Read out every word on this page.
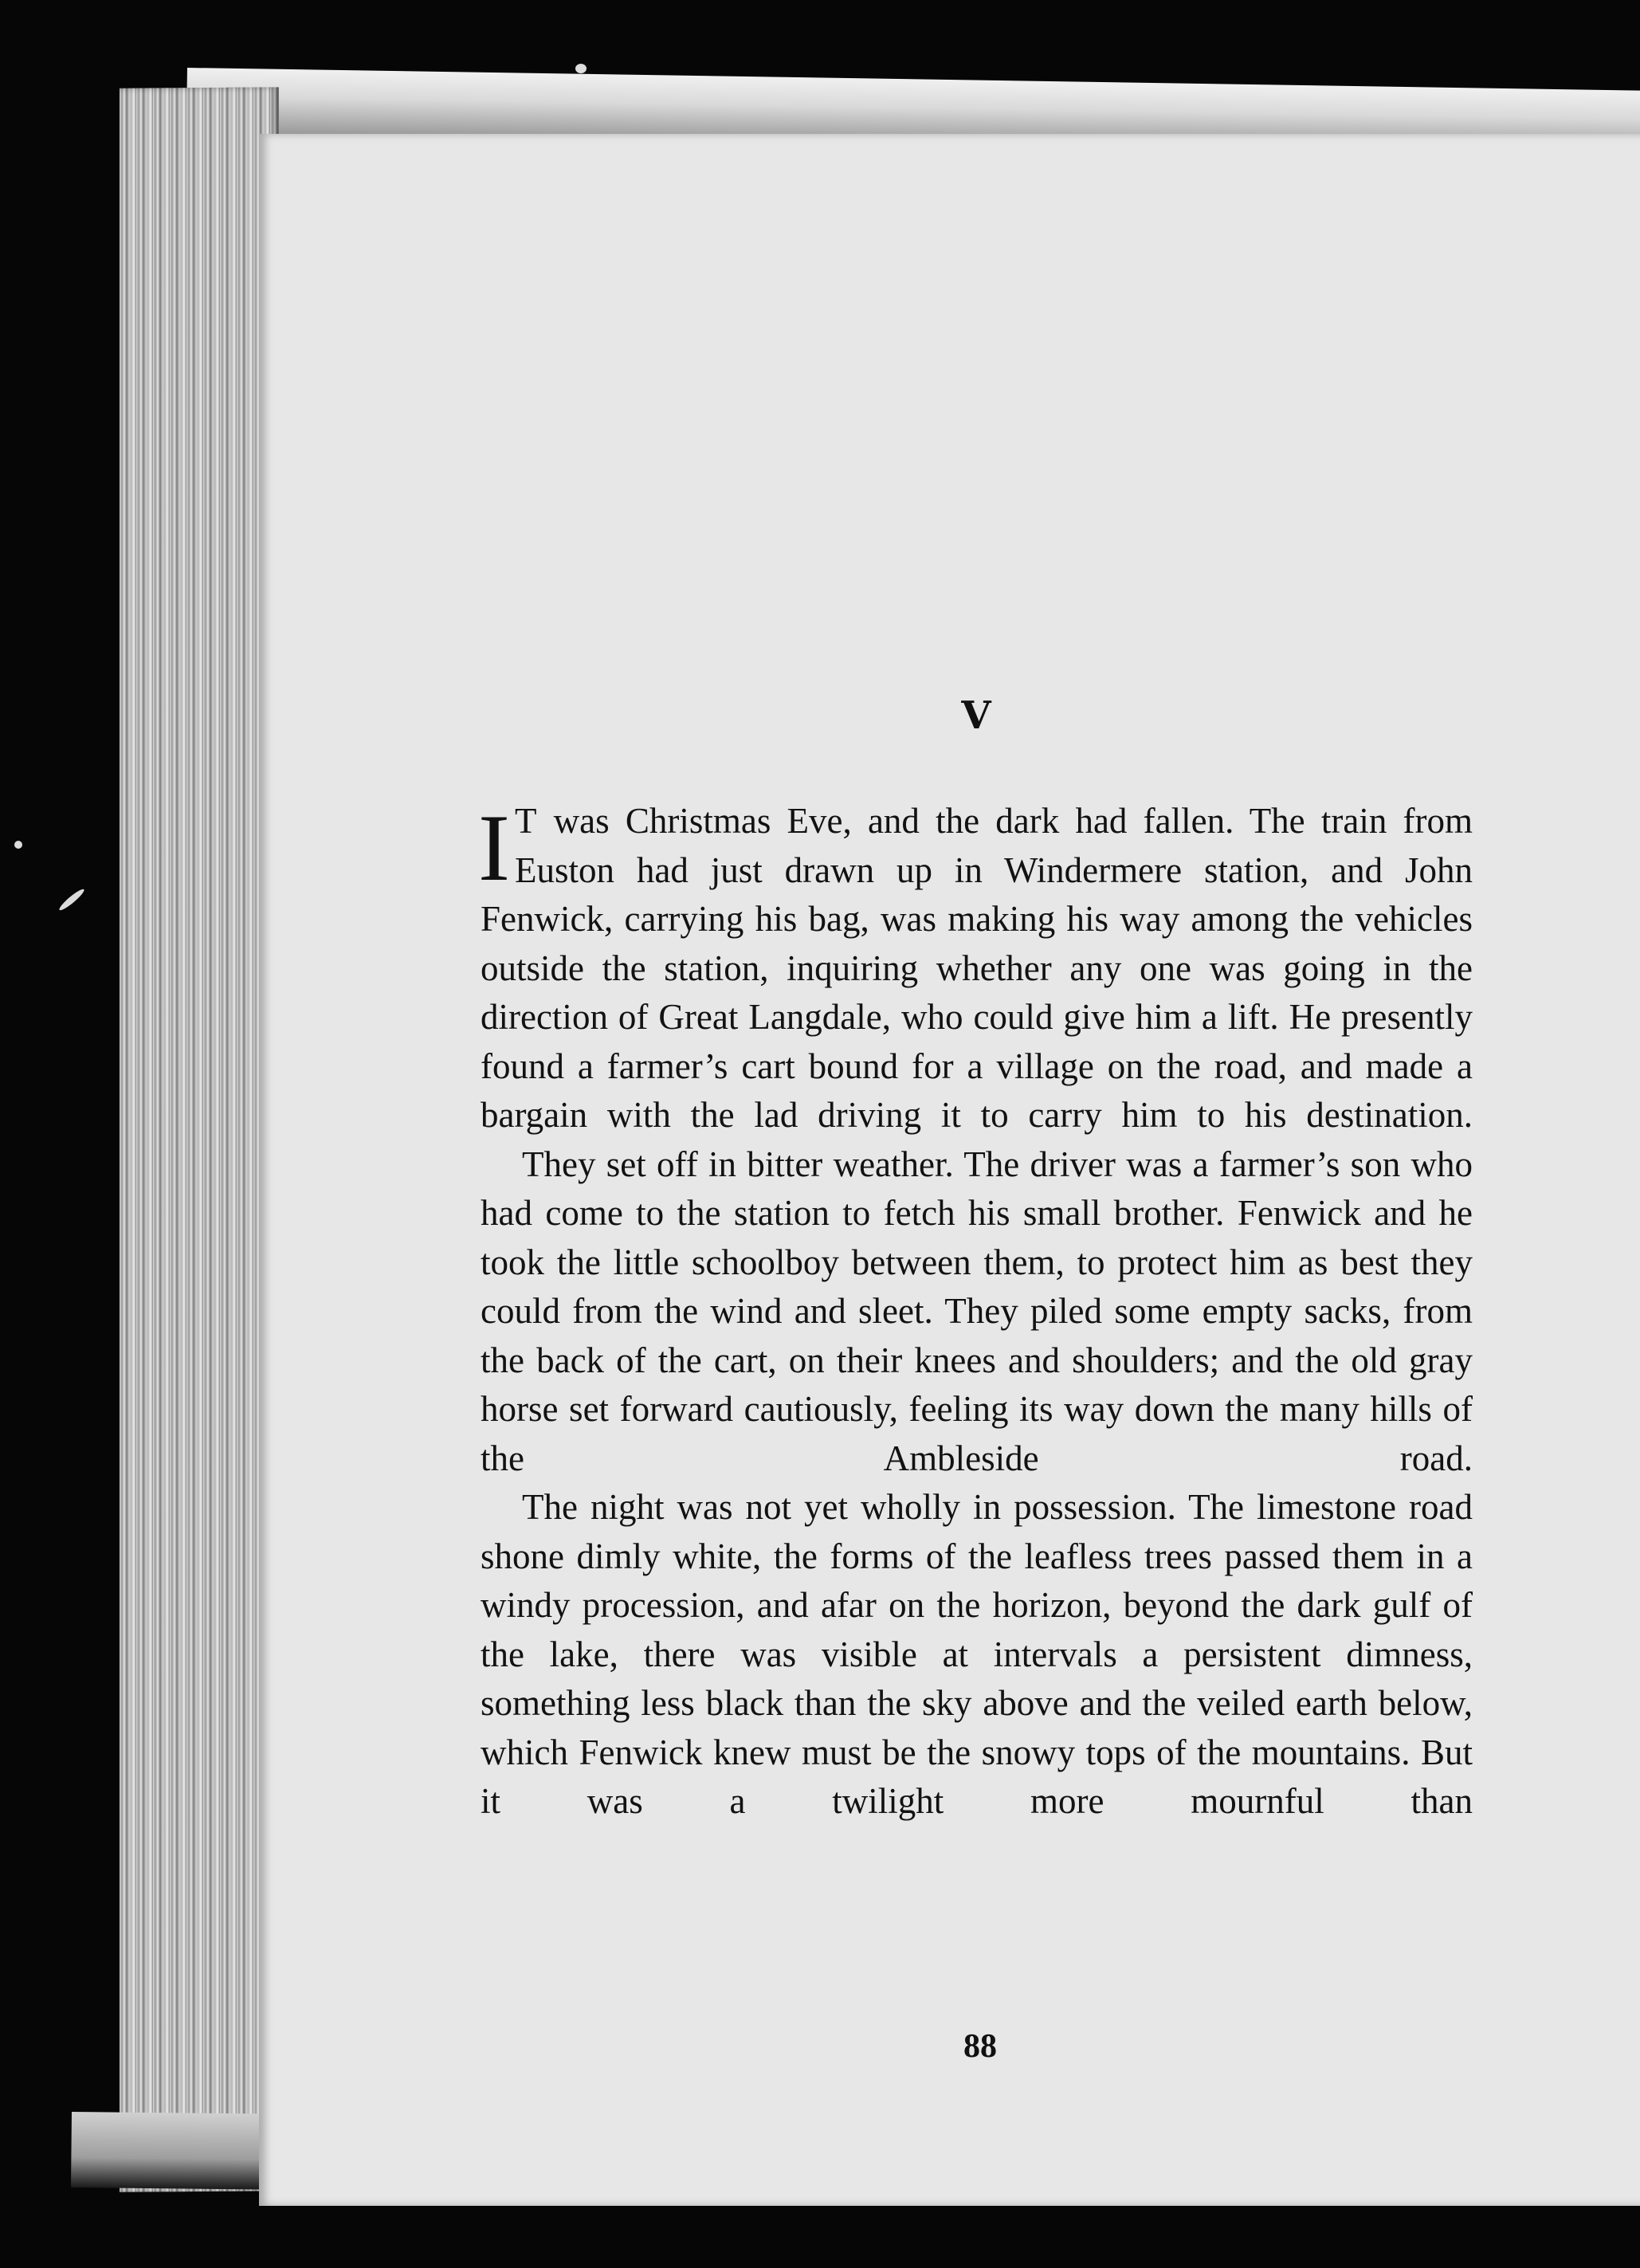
V

I T was Christmas Eve, and the dark had fallen. The train from Euston had just drawn up in Windermere station, and John Fenwick, carrying his bag, was making his way among the vehicles outside the station, inquiring whether any one was going in the direction of Great Langdale, who could give him a lift. He presently found a farmer’s cart bound for a village on the road, and made a bargain with the lad driving it to carry him to his destination.

They set off in bitter weather. The driver was a farmer’s son who had come to the station to fetch his small brother. Fenwick and he took the little schoolboy between them, to protect him as best they could from the wind and sleet. They piled some empty sacks, from the back of the cart, on their knees and shoulders; and the old gray horse set forward cautiously, feeling its way down the many hills of the Ambleside road.

The night was not yet wholly in possession. The limestone road shone dimly white, the forms of the leafless trees passed them in a windy procession, and afar on the horizon, beyond the dark gulf of the lake, there was visible at intervals a persistent dimness, something less black than the sky above and the veiled earth below, which Fenwick knew must be the snowy tops of the mountains. But it was a twilight more mournful than

88
